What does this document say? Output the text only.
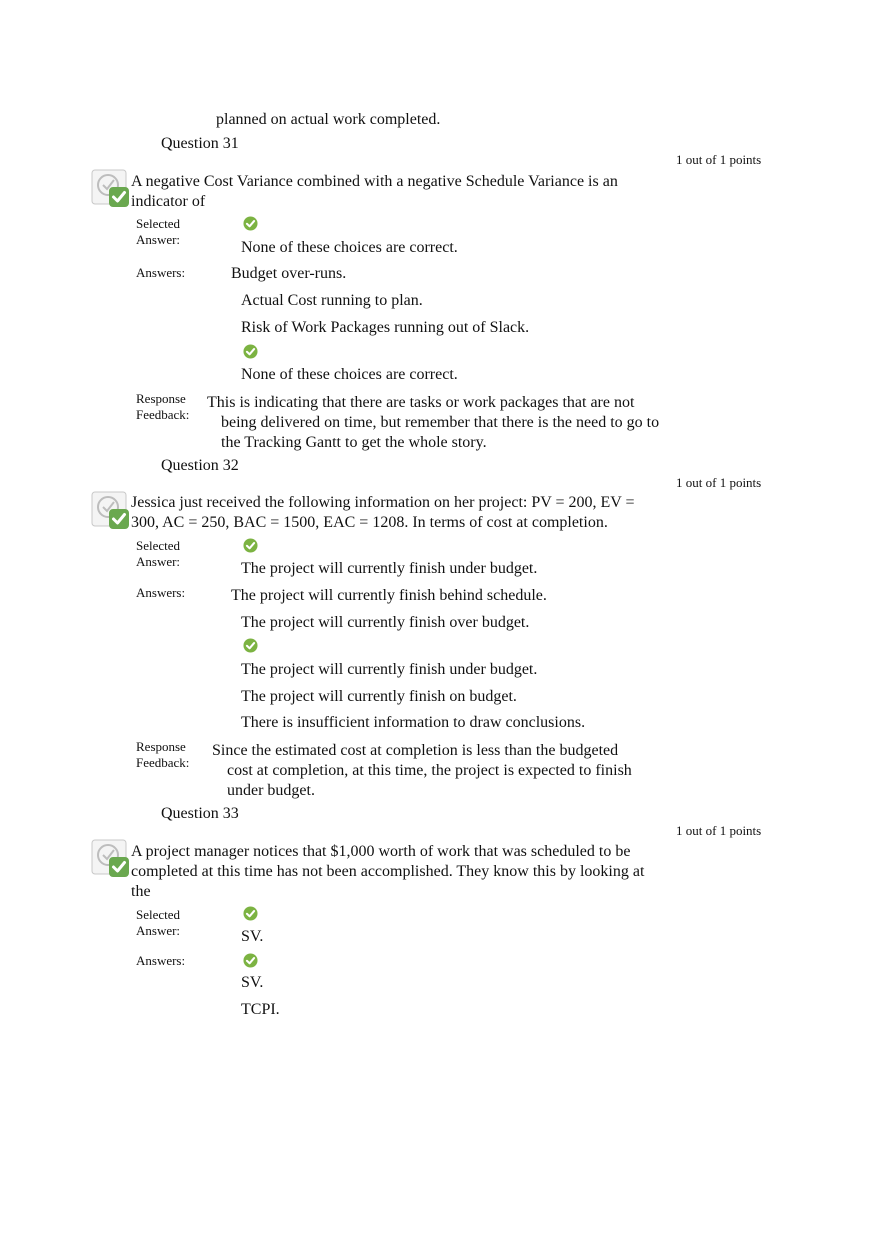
planned on actual work completed.
Question 31
1 out of 1 points
A negative Cost Variance combined with a negative Schedule Variance is an
indicator of
Selected
Answer:	None of these choices are correct.
Answers:	Budget over-runs.
Actual Cost running to plan.
Risk of Work Packages running out of Slack.
None of these choices are correct.
Response
Feedback:
This is indicating that there are tasks or work packages that are not
being delivered on time, but remember that there is the need to go to
the Tracking Gantt to get the whole story.
Question 32
1 out of 1 points
Jessica just received the following information on her project: PV = 200, EV =
300, AC = 250, BAC = 1500, EAC = 1208. In terms of cost at completion.
Selected
Answer:	The project will currently finish under budget.
Answers:	The project will currently finish behind schedule.
The project will currently finish over budget.
The project will currently finish under budget.
The project will currently finish on budget.
There is insufficient information to draw conclusions.
Response
Feedback:
Since the estimated cost at completion is less than the budgeted
cost at completion, at this time, the project is expected to finish
under budget.
Question 33
1 out of 1 points
A project manager notices that $1,000 worth of work that was scheduled to be
completed at this time has not been accomplished. They know this by looking at
the
Selected
Answer:	SV.
Answers:
SV.
TCPI.
